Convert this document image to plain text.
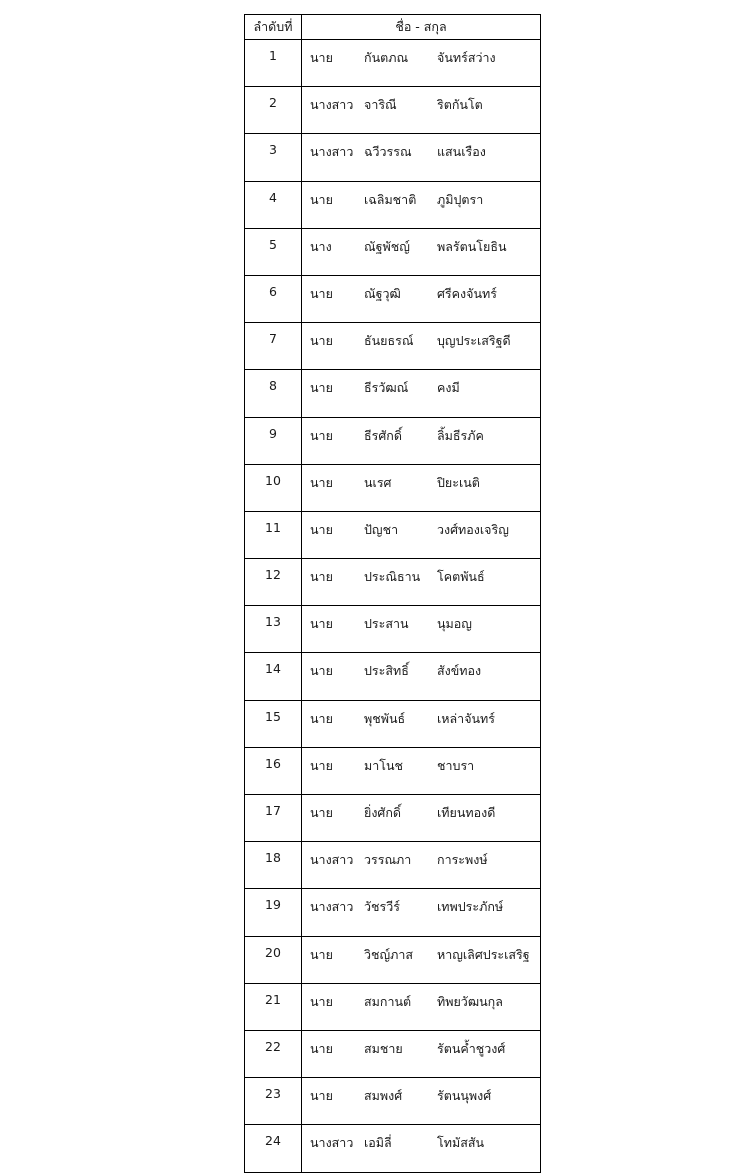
ลำดับที่	ชื่อ - สกุล
1	นาย กันตภณ จันทร์สว่าง

2	นางสาว จาริณี ริตกันโต

3	นางสาว ฉวีวรรณ แสนเรือง

4	นาย เฉลิมชาติ ภูมิปุตรา

5	นาง ณัฐพัชญ์ พลรัตนโยธิน

6	นาย ณัฐวุฒิ ศรีคงจันทร์

7	นาย ธันยธรณ์ บุญประเสริฐดี

8	นาย ธีรวัฒณ์ คงมี

9	นาย ธีรศักดิ์ ลิ้มธีรภัค

10	นาย นเรศ ปิยะเนติ

11	นาย ปัญชา วงศ์ทองเจริญ

12	นาย ประณิธาน โคตพันธ์

13	นาย ประสาน นุมอญ

14	นาย ประสิทธิ์ สังข์ทอง

15	นาย พุชพันธ์ เหล่าจันทร์

16	นาย มาโนช ชาบรา

17	นาย ยิ่งศักดิ์ เทียนทองดี

18	นางสาว วรรณภา การะพงษ์

19	นางสาว วัชรวีร์ เทพประภักษ์

20	นาย วิชญ์ภาส หาญเลิศประเสริฐ

21	นาย สมกานต์ ทิพยวัฒนกุล

22	นาย สมชาย รัตนค้ำชูวงศ์

23	นาย สมพงศ์ รัตนนุพงศ์

24	นางสาว เอมิลี่ โทมัสสัน
